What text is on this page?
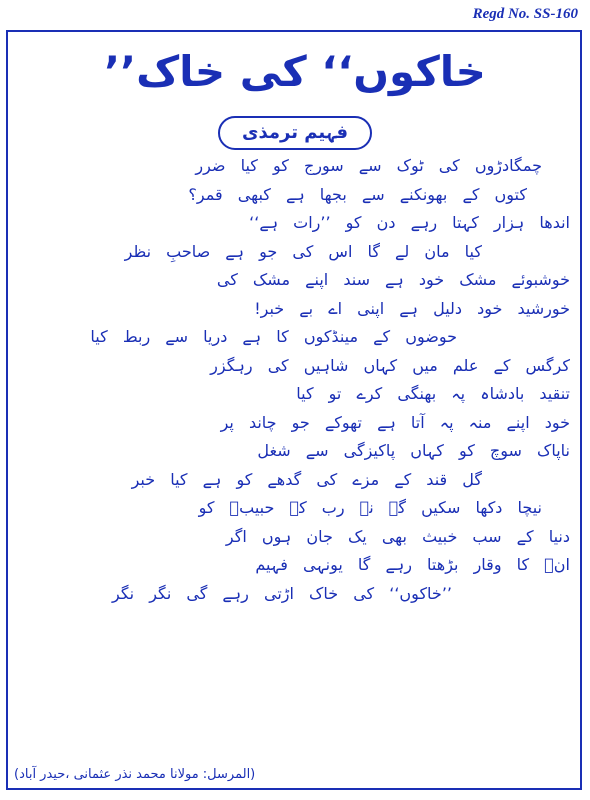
Regd No. SS-160
’’خاکوں‘‘ کی خاک
فہیم ترمذی
چمگادڑوں کی ٹوک سے سورج کو کیا ضرر
کتوں کے بھونکنے سے بجھا ہے کبھی قمر؟
اندھا ہزار کہتا رہے دن کو ’’رات ہے‘‘
کیا مان لے گا اس کی جو ہے صاحبِ نظر
خوشبوئے مشک خود ہے سند اپنے مشک کی
خورشید خود دلیل ہے اپنی اے بے خبر!
حوضوں کے مینڈکوں کا ہے دریا سے ربط کیا
کرگس کے علم میں کہاں شاہیں کی رہگزر
تنقید بادشاہ پہ بھنگی کرے تو کیا
خود اپنے منہ پہ آتا ہے تھوکے جو چاند پر
ناپاک سوچ کو کہاں پاکیزگی سے شغل
گل قند کے مزے کی گدھے کو ہے کیا خبر
نیچا دکھا سکیں گے نہ رب کے حبیبؐ کو
دنیا کے سب خبیث بھی یک جان ہوں اگر
انؐ کا وقار بڑھتا رہے گا یونہی فہیم
’’خاکوں‘‘ کی خاک اڑتی رہے گی نگر نگر
(المرسل: مولانا محمد نذر عثمانی ،حیدر آباد)
